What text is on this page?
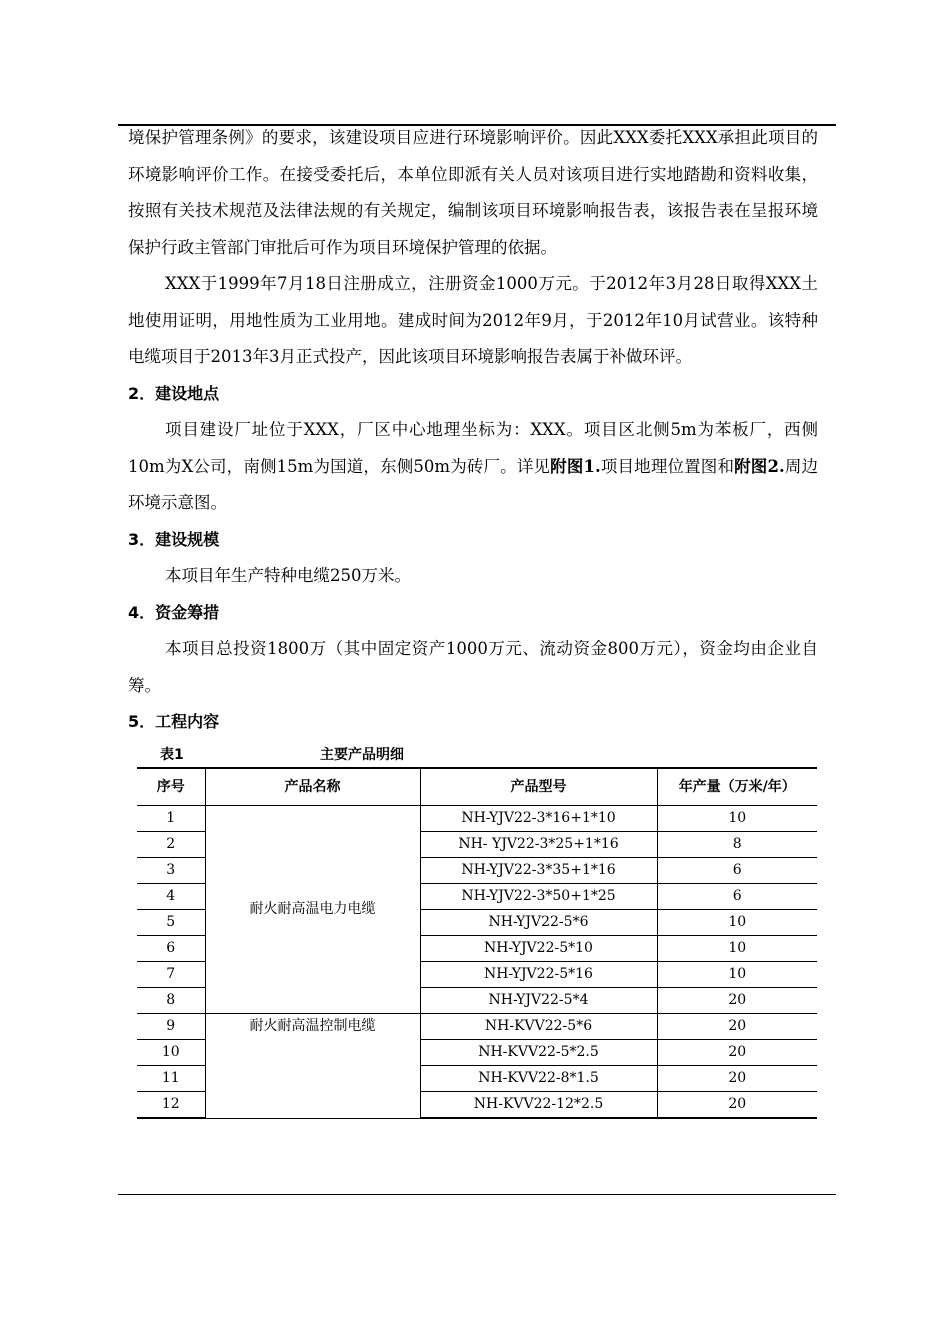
境保护管理条例》的要求，该建设项目应进行环境影响评价。因此XXX委托XXX承担此项目的环境影响评价工作。在接受委托后，本单位即派有关人员对该项目进行实地踏勘和资料收集，按照有关技术规范及法律法规的有关规定，编制该项目环境影响报告表，该报告表在呈报环境保护行政主管部门审批后可作为项目环境保护管理的依据。

XXX于1999年7月18日注册成立，注册资金1000万元。于2012年3月28日取得XXX土地使用证明，用地性质为工业用地。建成时间为2012年9月，于2012年10月试营业。该特种电缆项目于2013年3月正式投产，因此该项目环境影响报告表属于补做环评。

2．建设地点

项目建设厂址位于XXX，厂区中心地理坐标为：XXX。项目区北侧5m为苯板厂，西侧10m为X公司，南侧15m为国道，东侧50m为砖厂。详见附图1.项目地理位置图和附图2.周边环境示意图。

3．建设规模

本项目年生产特种电缆250万米。

4．资金筹措

本项目总投资1800万（其中固定资产1000万元、流动资金800万元），资金均由企业自筹。

5．工程内容

表1	主要产品明细
序号	产品名称	产品型号	年产量（万米/年）
1	耐火耐高温电力电缆	NH-YJV22-3*16+1*10	10
2		NH- YJV22-3*25+1*16	8
3		NH-YJV22-3*35+1*16	6
4		NH-YJV22-3*50+1*25	6
5		NH-YJV22-5*6	10
6		NH-YJV22-5*10	10
7		NH-YJV22-5*16	10
8		NH-YJV22-5*4	20
9	耐火耐高温控制电缆	NH-KVV22-5*6	20
10		NH-KVV22-5*2.5	20
11		NH-KVV22-8*1.5	20
12		NH-KVV22-12*2.5	20
